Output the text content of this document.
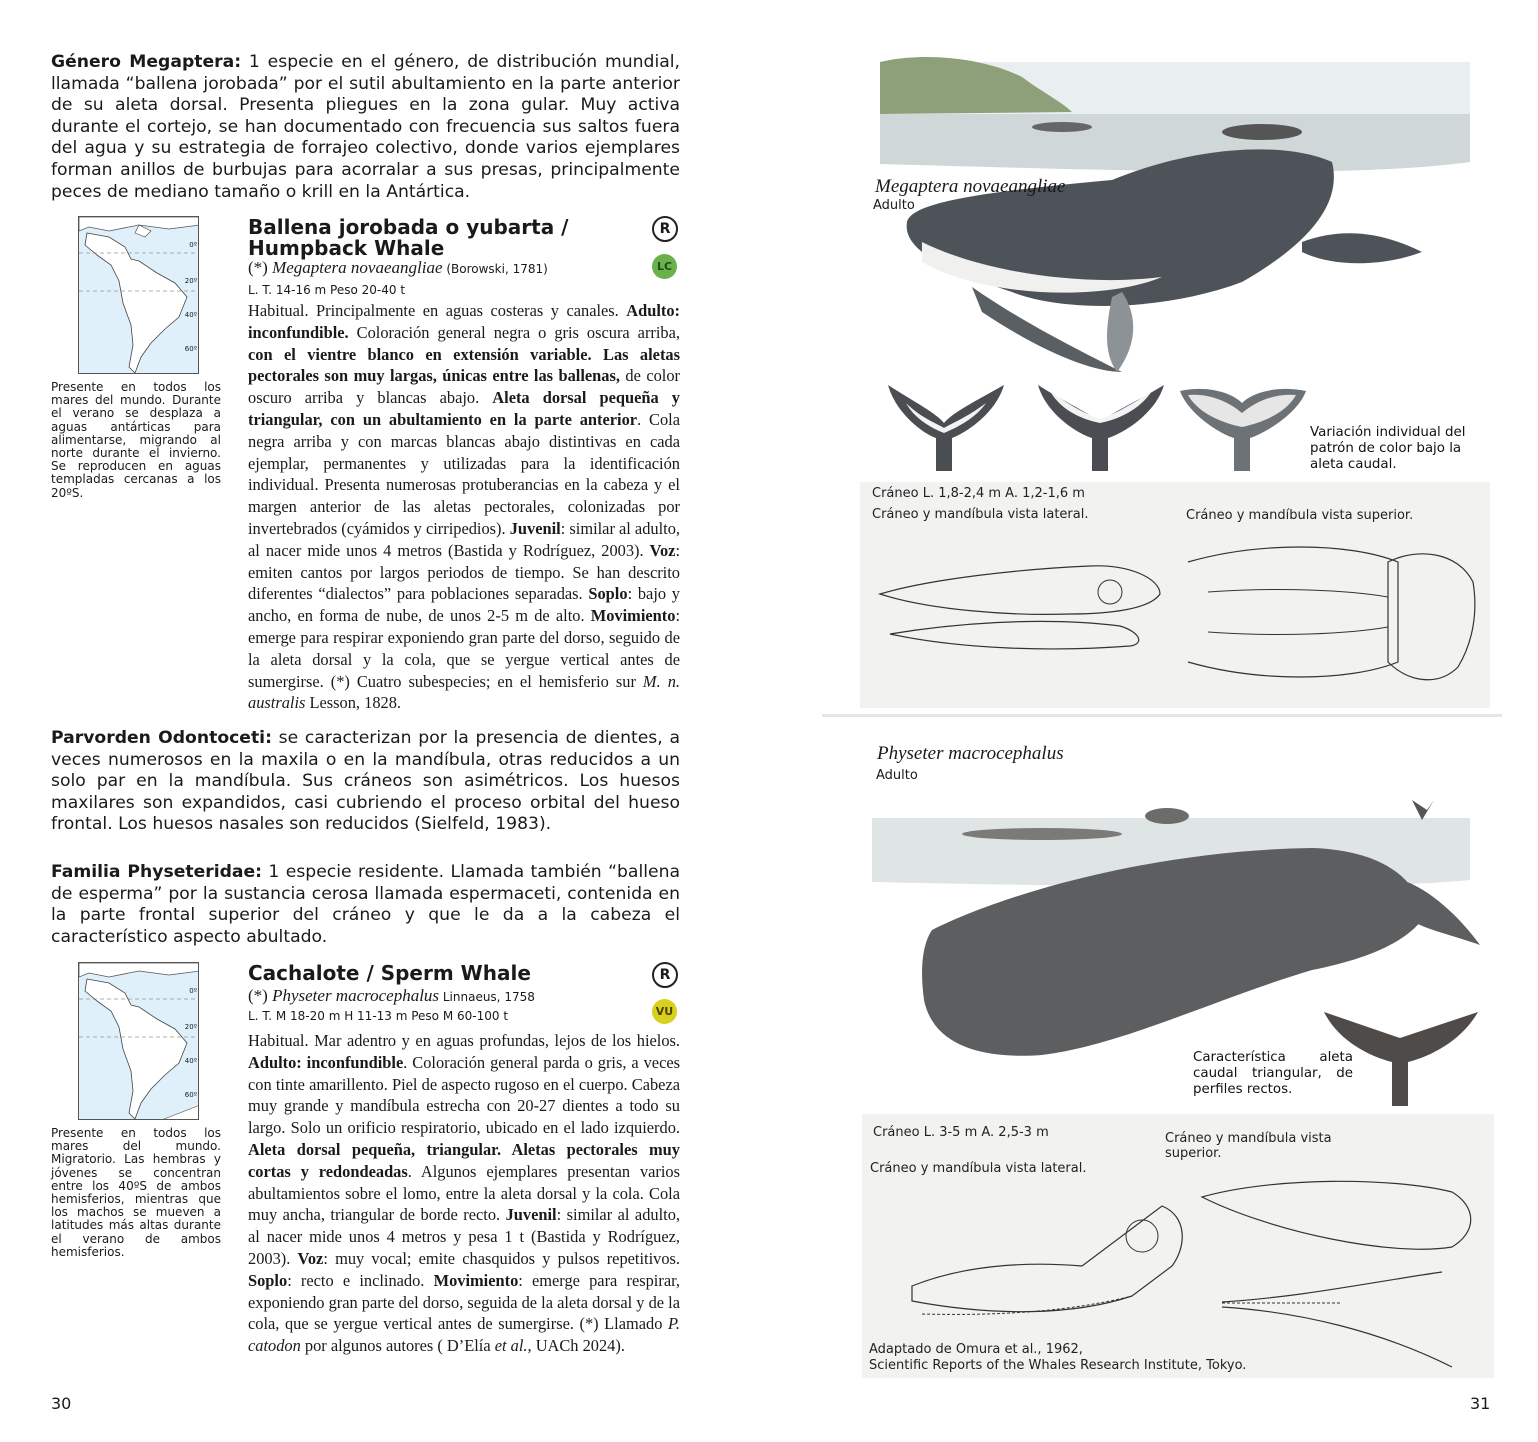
Género Megaptera: 1 especie en el género, de distribución mundial, llamada “ballena jorobada” por el sutil abultamiento en la parte anterior de su aleta dorsal. Presenta pliegues en la zona gular. Muy activa durante el cortejo, se han documentado con frecuencia sus saltos fuera del agua y su estrategia de forrajeo colectivo, donde varios ejemplares forman anillos de burbujas para acorralar a sus presas, principalmente peces de mediano tamaño o krill en la Antártica.
0º
20º
40º
60º
Presente en todos los mares del mundo. Durante el verano se desplaza a aguas antárticas para alimentarse, migrando al norte durante el invierno. Se reproducen en aguas templadas cercanas a los 20ºS.
Ballena jorobada o yubarta / Humpback Whale
R
LC
(*) Megaptera novaeangliae (Borowski, 1781)
L. T. 14-16 m Peso 20-40 t
Habitual. Principalmente en aguas costeras y canales. Adulto: inconfundible. Coloración general negra o gris oscura arriba, con el vientre blanco en extensión variable. Las aletas pectorales son muy largas, únicas entre las ballenas, de color oscuro arriba y blancas abajo. Aleta dorsal pequeña y triangular, con un abultamiento en la parte anterior. Cola negra arriba y con marcas blancas abajo distintivas en cada ejemplar, permanentes y utilizadas para la identificación individual. Presenta numerosas protuberancias en la cabeza y el margen anterior de las aletas pectorales, colonizadas por invertebrados (cyámidos y cirripedios). Juvenil: similar al adulto, al nacer mide unos 4 metros (Bastida y Rodríguez, 2003). Voz: emiten cantos por largos periodos de tiempo. Se han descrito diferentes “dialectos” para poblaciones separadas. Soplo: bajo y ancho, en forma de nube, de unos 2-5 m de alto. Movimiento: emerge para respirar exponiendo gran parte del dorso, seguido de la aleta dorsal y la cola, que se yergue vertical antes de sumergirse. (*) Cuatro subespecies; en el hemisferio sur M. n. australis Lesson, 1828.
Parvorden Odontoceti: se caracterizan por la presencia de dientes, a veces numerosos en la maxila o en la mandíbula, otras reducidos a un solo par en la mandíbula. Sus cráneos son asimétricos. Los huesos maxilares son expandidos, casi cubriendo el proceso orbital del hueso frontal. Los huesos nasales son reducidos (Sielfeld, 1983).
Familia Physeteridae: 1 especie residente. Llamada también “ballena de esperma” por la sustancia cerosa llamada espermaceti, contenida en la parte frontal superior del cráneo y que le da a la cabeza el característico aspecto abultado.
0º
20º
40º
60º
Presente en todos los mares del mundo. Migratorio. Las hembras y jóvenes se concentran entre los 40ºS de ambos hemisferios, mientras que los machos se mueven a latitudes más altas durante el verano de ambos hemisferios.
Cachalote / Sperm Whale	R
VU
(*) Physeter macrocephalus Linnaeus, 1758
L. T. M 18-20 m H 11-13 m Peso M 60-100 t
Habitual. Mar adentro y en aguas profundas, lejos de los hielos. Adulto: inconfundible. Coloración general parda o gris, a veces con tinte amarillento. Piel de aspecto rugoso en el cuerpo. Cabeza muy grande y mandíbula estrecha con 20-27 dientes a todo su largo. Solo un orificio respiratorio, ubicado en el lado izquierdo. Aleta dorsal pequeña, triangular. Aletas pectorales muy cortas y redondeadas. Algunos ejemplares presentan varios abultamientos sobre el lomo, entre la aleta dorsal y la cola. Cola muy ancha, triangular de borde recto. Juvenil: similar al adulto, al nacer mide unos 4 metros y pesa 1 t (Bastida y Rodríguez, 2003). Voz: muy vocal; emite chasquidos y pulsos repetitivos. Soplo: recto e inclinado. Movimiento: emerge para respirar, exponiendo gran parte del dorso, seguida de la aleta dorsal y de la cola, que se yergue vertical antes de sumergirse. (*) Llamado P. catodon por algunos autores ( D’Elía et al., UACh 2024).
30
Megaptera novaeangliae
Adulto
Variación individual del patrón de color bajo la aleta caudal.
Cráneo L. 1,8-2,4 m A. 1,2-1,6 m
Cráneo y mandíbula vista lateral.	Cráneo y mandíbula vista superior.
Physeter macrocephalus
Adulto
Característica aleta caudal triangular, de perfiles rectos.
Cráneo L. 3-5 m A. 2,5-3 m
Cráneo y mandíbula vista lateral.
Cráneo y mandíbula vista superior.
Adaptado de Omura et al., 1962,
Scientific Reports of the Whales Research Institute, Tokyo.
31
